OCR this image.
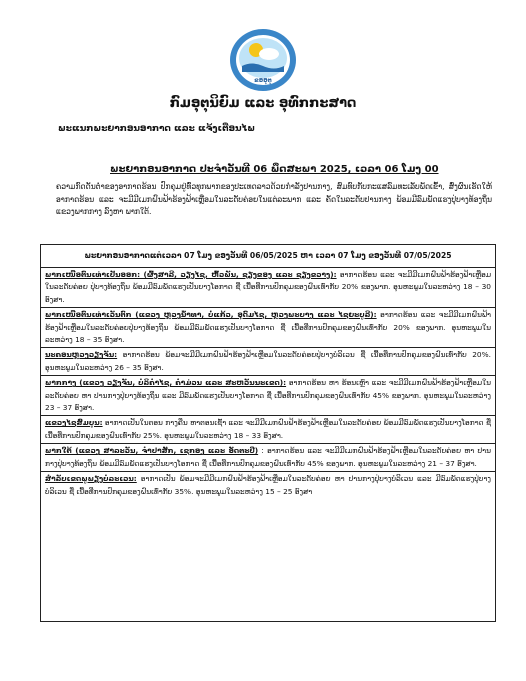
ຂອອຸຕຸ
ກົມອຸຕຸນິຍົມ ແລະ ອຸທົກກະສາດ
ພະແນກພະຍາກອນອາກາດ ແລະ ແຈ້ງເຕືອນໄພ
ພະຍາກອນອາກາດ ປະຈຳວັນທີ 06 ພຶດສະພາ 2025, ເວລາ 06 ໂມງ 00
ຄວາມກົດດັນຕ່ຳຂອງອາກາດຮ້ອນ ປົກຄຸມຢູ່ທົ່ວທຸກພາກຂອງປະເທດລາວດ້ວຍກຳລັງປານກາງ, ສົມທົບກັບກະແສລົມທະເລັບພັດເຂົ້າ, ສົ່ງຜົນເຮັດໃຫ້ ອາກາດຮ້ອນ ແລະ ຈະມີມີເມກຝົນຟ້າຮ້ອງຟ້າເຫຼືອມໃນລະດັບຄ່ອຍໃນແຕ່ລະພາກ ແລະ ຄັດໃນລະດັບປານກາງ ພ້ອມມີລົມພັດແຮງປຸ່ບາງທ້ອງຖິ່ນ ແຂວງພາກກາງ ລົງຫາ ພາກໃຕ້.
ພະຍາກອນອາກາດແຕ່ເວລາ 07 ໂມງ ຂອງວັນທີ 06/05/2025 ຫາ ເວລາ 07 ໂມງ ຂອງວັນທີ 07/05/2025
ພາກເໜືອຕົນເທ່າເປັນອອກ: (ຜົ້ງສາລີ, ວຽງໄຊ, ຫົ້ວພັນ, ຊຽງຂອງ ແລະ ຊຽງຂວາງ): ອາກາດຮ້ອນ ແລະ ຈະມີມີເມກຝົນຟ້າຮ້ອງຟ້າເຫຼືອມໃນລະດັບຄ່ອຍ ປຸ່ບາງທ້ອງຖິ່ນ ພ້ອມມີລົມພັດແຮງເປັນບາງໂອກາດ ຊື່ ເນື້ອທີ່ການປົກຄຸມຂອງຝົນເທົ່າກັບ 20% ຂອງພາກ. ອຸນຫະພູມໃນລະຫວ່າງ 18 – 30 ອົງສາ.
ພາກເໜືອຕົນເທ່າເວັນຕົກ (ແຂວງ ຫຼວງນ້ຳທາ, ບໍ່ແກ້ວ, ອຸດົມໄຊ, ຫຼວງພະບາງ ແລະ ໄຊຍະບູລີ): ອາກາດຮ້ອນ ແລະ ຈະມີມີເມກຝົນຟ້າຮ້ອງຟ້າເຫຼືອມໃນລະດັບຄ່ອຍປຸ່ບາງທ້ອງຖິ່ນ ພ້ອມມີລົມພັດແຮງເປັນບາງໂອກາດ ຊື່ ເນື້ອທີ່ການປົກຄຸມຂອງຝົນເທົ່າກັບ 20% ຂອງພາກ. ອຸນຫະພູມໃນລະຫວ່າງ 18 – 35 ອົງສາ.
ນະຄອນຫຼວງວຽງຈັນ: ອາກາດຮ້ອນ ພ້ອມຈະມີມີເມກຝົນຟ້າຮ້ອງຟ້າເຫຼືອມໃນລະດັບຄ່ອຍປຸ່ບາງບໍລິເວນ ຊື່ ເນື້ອທີ່ການປົກຄຸມຂອງຝົນເທົ່າກັບ 20%. ອຸນຫະພູມໃນລະຫວ່າງ 26 – 35 ອົງສາ.
ພາກກາງ (ແຂວງ ວຽງຈັນ, ບໍລິຄຳໄຊ, ຄຳມ່ວນ ແລະ ສະຫວັນນະເຂດ): ອາກາດຮ້ອນ ຫາ ຮ້ອນເຫຼົາ ແລະ ຈະມີມີເມກຝົນຟ້າຮ້ອງຟ້າເຫຼືອມໃນລະດັບຄ່ອຍ ຫາ ປານກາງປຸ່ບາງທ້ອງຖິ່ນ ແລະ ມີລົມພັດແຮງເປັນບາງໂອກາດ ຊື່ ເນື້ອທີ່ການປົກຄຸມຂອງຝົນເທົ່າກັບ 45% ຂອງພາກ. ອຸນຫະພູມໃນລະຫວ່າງ 23 – 37 ອົງສາ.
ແຂວງໄຊສົມບູນ: ອາກາດເປັນໃນຕອນ ກາງຄືນ ຫາຕອນເຊົ້າ ແລະ ຈະມີມີເມກຝົນຟ້າຮ້ອງຟ້າເຫຼືອມໃນລະດັບຄ່ອຍ ພ້ອມມີລົມພັດແຮງເປັນບາງໂອກາດ ຊື່ ເນື້ອທີ່ການປົກຄຸມຂອງຝົນເທົ່າກັບ 25%. ອຸນຫະພູມໃນລະຫວ່າງ 18 – 33 ອົງສາ.
ພາກໃຕ້ (ແຂວງ ສາລະວັນ, ຈຳປາສັກ, ເຊກອງ ແລະ ອັດຕະປື) : ອາກາດຮ້ອນ ແລະ ຈະມີມີເມກຝົນຟ້າຮ້ອງຟ້າເຫຼືອມໃນລະດັບຄ່ອຍ ຫາ ປານກາງປຸ່ບາງທ້ອງຖິ່ນ ພ້ອມມີລົມພັດແຮງເປັນບາງໂອກາດ ຊື່ ເນື້ອທີ່ການປົກຄຸມຂອງຝົນເທົ່າກັບ 45% ຂອງພາກ. ອຸນຫະພູມໃນລະຫວ່າງ 21 – 37 ອົງສາ.
ສຳລັບເຂດພູພຽງບໍລະເວນ: ອາກາດເປັນ ພ້ອມຈະມີມີເມກຝົນຟ້າຮ້ອງຟ້າເຫຼືອມໃນລະດັບຄ່ອຍ ຫາ ປານກາງປຸ່ບາງບໍລິເວນ ແລະ ມີລົມພັດແຮງປຸ່ບາງບໍລິເວນ ຊື່ ເນື້ອທີ່ການປົກຄຸມຂອງຝົນເທົ່າກັບ 35%. ອຸນຫະພູມໃນລະຫວ່າງ 15 – 25 ອົງສາ
